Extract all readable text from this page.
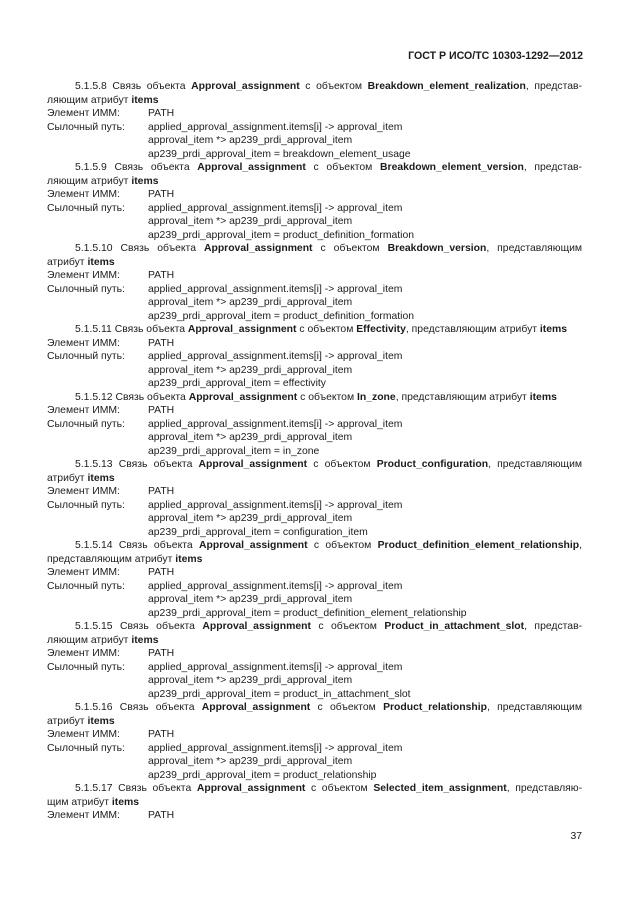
ГОСТ Р ИСО/ТС 10303-1292—2012

5.1.5.8 Связь объекта Approval_assignment с объектом Breakdown_element_realization, представ-ляющим атрибут items

Элемент ИММ:	PATH
Сылочный путь:	applied_approval_assignment.items[i] -> approval_item
approval_item *> ap239_prdi_approval_item
ap239_prdi_approval_item = breakdown_element_usage

5.1.5.9 Связь объекта Approval_assignment с объектом Breakdown_element_version, представ-ляющим атрибут items

Элемент ИММ:	PATH
Сылочный путь:	applied_approval_assignment.items[i] -> approval_item
approval_item *> ap239_prdi_approval_item
ap239_prdi_approval_item = product_definition_formation

5.1.5.10 Связь объекта Approval_assignment с объектом Breakdown_version, представляющим атрибут items

Элемент ИММ:	PATH
Сылочный путь:	applied_approval_assignment.items[i] -> approval_item
approval_item *> ap239_prdi_approval_item
ap239_prdi_approval_item = product_definition_formation

5.1.5.11 Связь объекта Approval_assignment с объектом Effectivity, представляющим атрибут items

Элемент ИММ:	PATH
Сылочный путь:	applied_approval_assignment.items[i] -> approval_item
approval_item *> ap239_prdi_approval_item
ap239_prdi_approval_item = effectivity

5.1.5.12 Связь объекта Approval_assignment с объектом In_zone, представляющим атрибут items

Элемент ИММ:	PATH
Сылочный путь:	applied_approval_assignment.items[i] -> approval_item
approval_item *> ap239_prdi_approval_item
ap239_prdi_approval_item = in_zone

5.1.5.13 Связь объекта Approval_assignment с объектом Product_configuration, представляющим атрибут items

Элемент ИММ:	PATH
Сылочный путь:	applied_approval_assignment.items[i] -> approval_item
approval_item *> ap239_prdi_approval_item
ap239_prdi_approval_item = configuration_item

5.1.5.14 Связь объекта Approval_assignment с объектом Product_definition_element_relationship, представляющим атрибут items

Элемент ИММ:	PATH
Сылочный путь:	applied_approval_assignment.items[i] -> approval_item
approval_item *> ap239_prdi_approval_item
ap239_prdi_approval_item = product_definition_element_relationship

5.1.5.15 Связь объекта Approval_assignment с объектом Product_in_attachment_slot, представ-ляющим атрибут items

Элемент ИММ:	PATH
Сылочный путь:	applied_approval_assignment.items[i] -> approval_item
approval_item *> ap239_prdi_approval_item
ap239_prdi_approval_item = product_in_attachment_slot

5.1.5.16 Связь объекта Approval_assignment с объектом Product_relationship, представляющим атрибут items

Элемент ИММ:	PATH
Сылочный путь:	applied_approval_assignment.items[i] -> approval_item
approval_item *> ap239_prdi_approval_item
ap239_prdi_approval_item = product_relationship

5.1.5.17 Связь объекта Approval_assignment с объектом Selected_item_assignment, представляю-щим атрибут items

Элемент ИММ:	PATH
37
